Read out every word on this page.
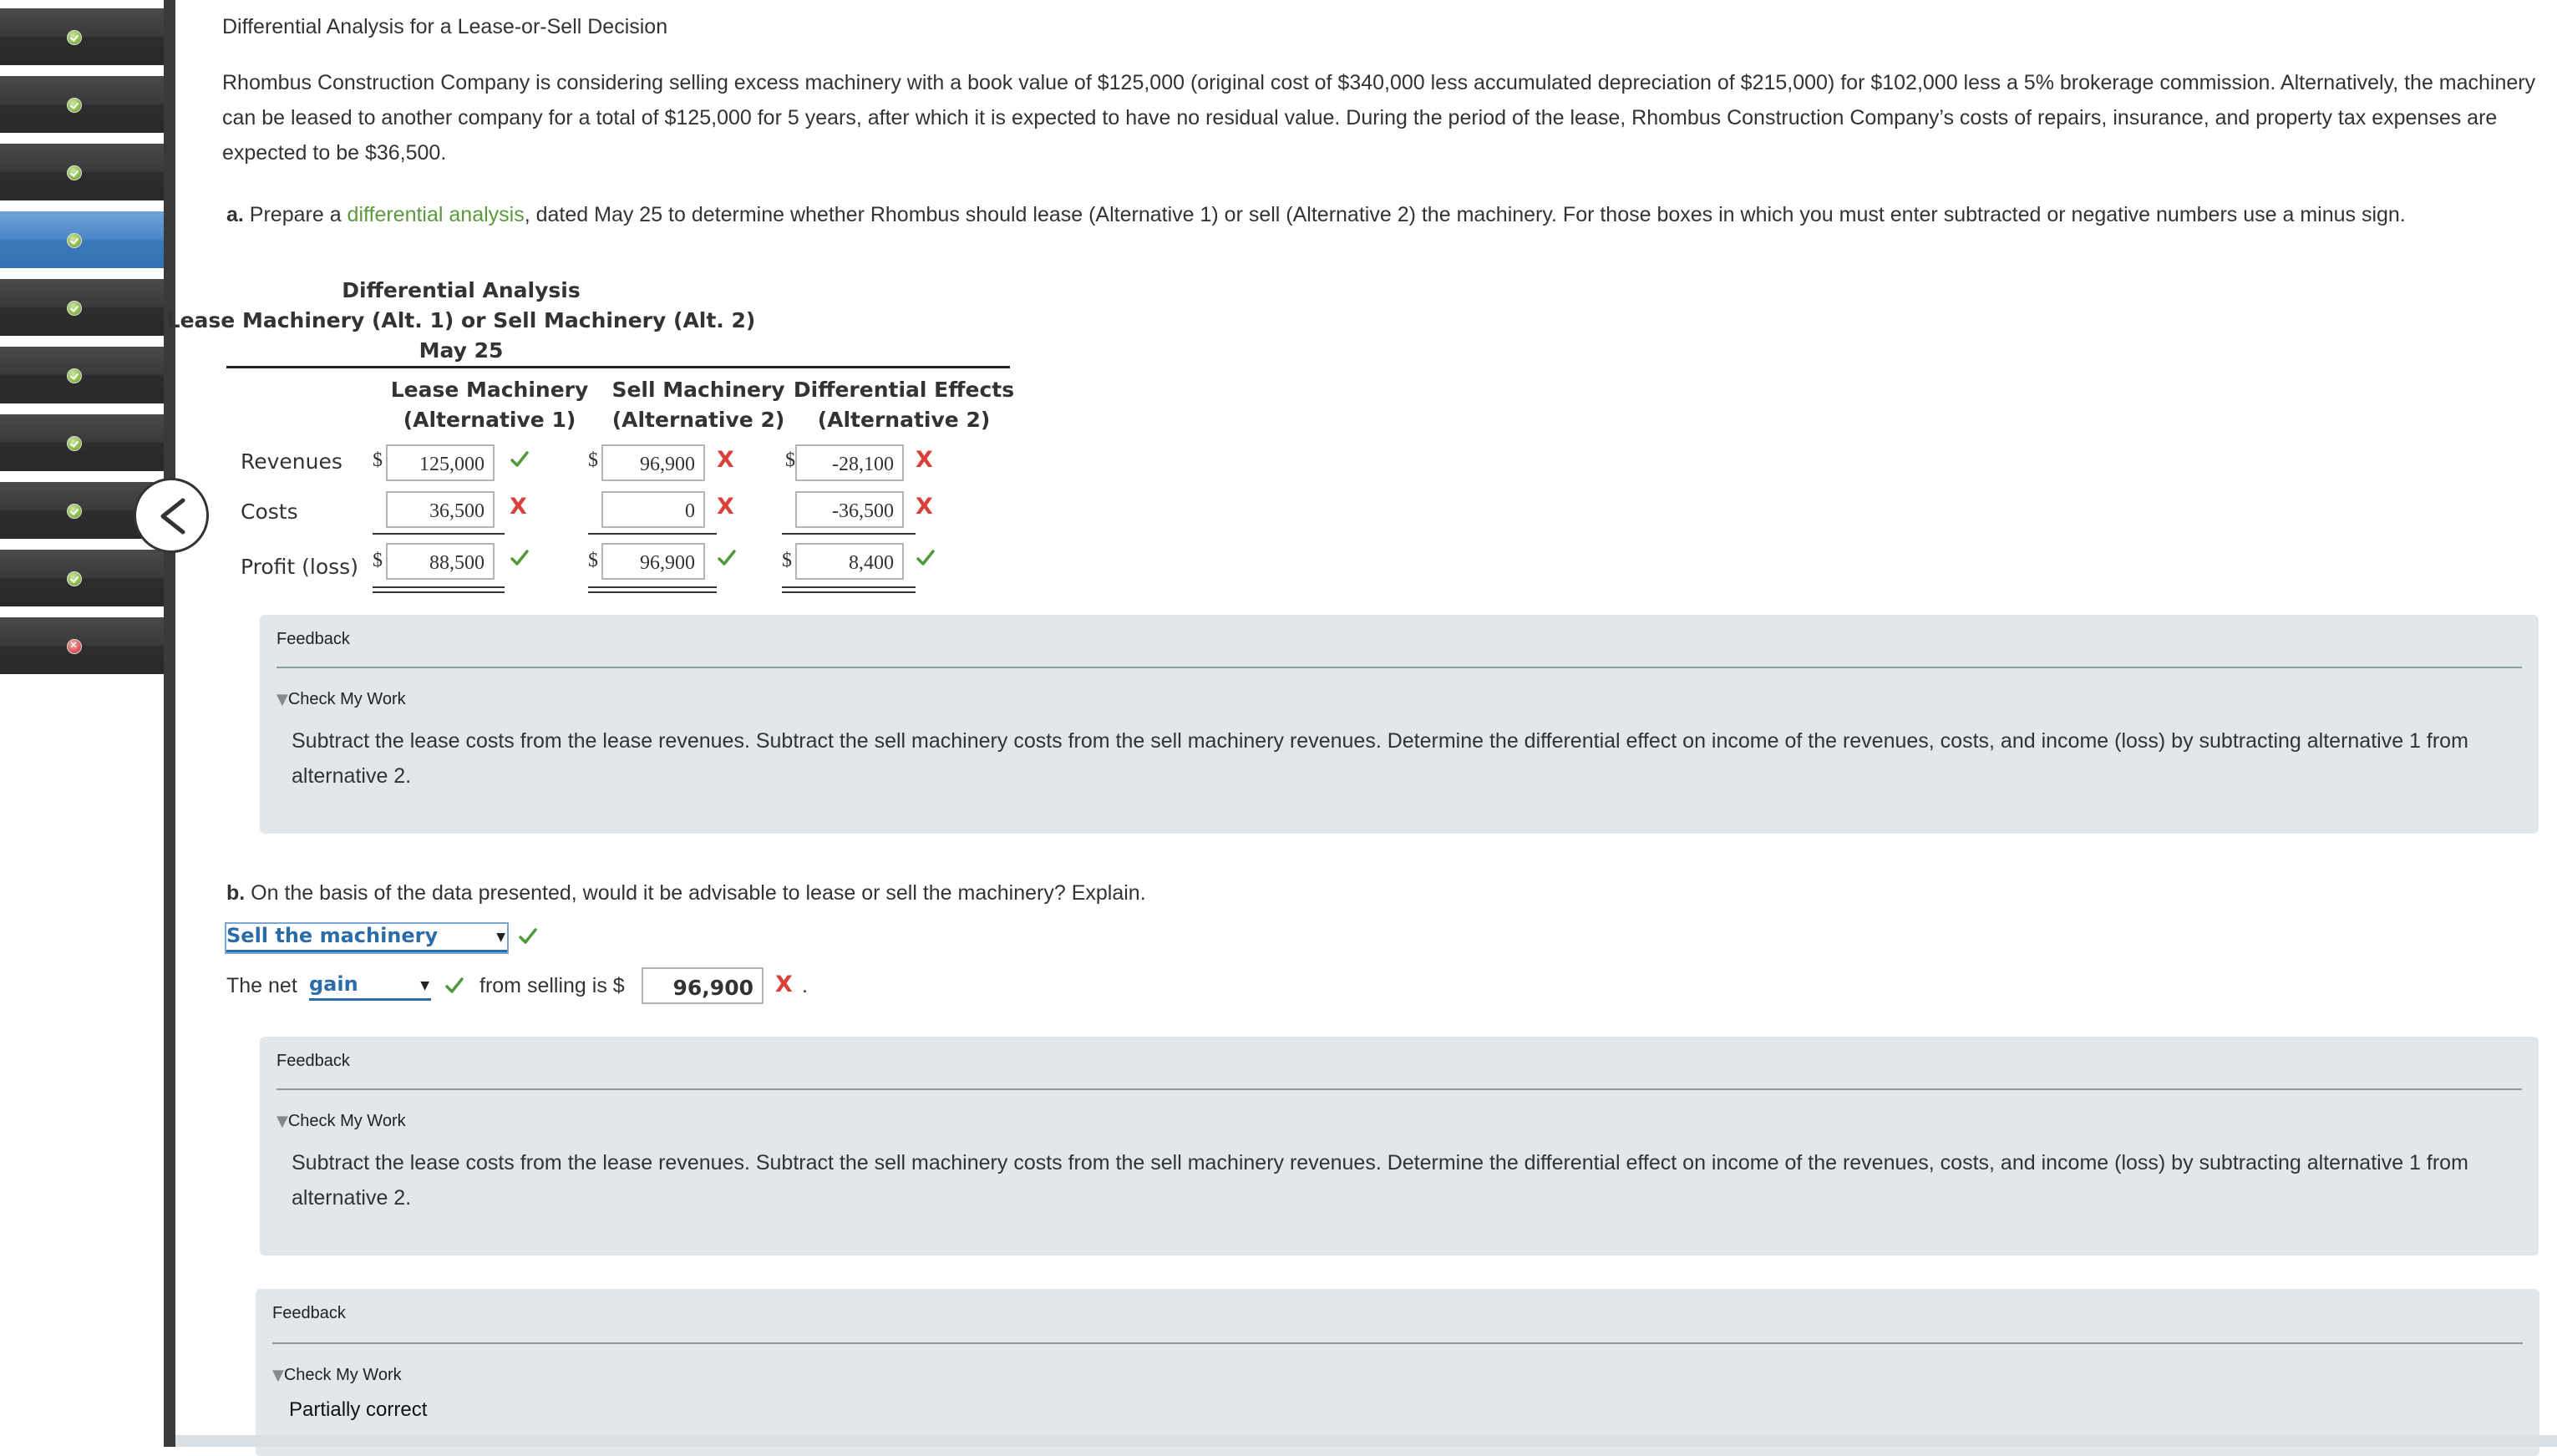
✕
Differential Analysis for a Lease-or-Sell Decision
Rhombus Construction Company is considering selling excess machinery with a book value of $125,000 (original cost of $340,000 less accumulated depreciation of $215,000) for $102,000 less a 5% brokerage commission. Alternatively, the machinery can be leased to another company for a total of $125,000 for 5 years, after which it is expected to have no residual value. During the period of the lease, Rhombus Construction Company’s costs of repairs, insurance, and property tax expenses are expected to be $36,500.
a. Prepare a differential analysis, dated May 25 to determine whether Rhombus should lease (Alternative 1) or sell (Alternative 2) the machinery. For those boxes in which you must enter subtracted or negative numbers use a minus sign.
Differential Analysis
Lease Machinery (Alt. 1) or Sell Machinery (Alt. 2)
May 25
Lease Machinery
(Alternative 1)
Sell Machinery
(Alternative 2)
Differential Effects
(Alternative 2)
Revenues $	125,000	$	96,900 X	$	-28,100 X
Costs	36,500	X	0 X	-36,500 X
Profit (loss) $	88,500	$	96,900	$	8,400
Feedback
▼Check My Work
Subtract the lease costs from the lease revenues. Subtract the sell machinery costs from the sell machinery revenues. Determine the differential effect on income of the revenues, costs, and income (loss) by subtracting alternative 1 from alternative 2.
b. On the basis of the data presented, would it be advisable to lease or sell the machinery? Explain.
Sell the machinery	▼
The net gain	▼ from selling is $	96,900 X .
Feedback
▼Check My Work
Subtract the lease costs from the lease revenues. Subtract the sell machinery costs from the sell machinery revenues. Determine the differential effect on income of the revenues, costs, and income (loss) by subtracting alternative 1 from alternative 2.
Feedback
▼Check My Work
Partially correct
